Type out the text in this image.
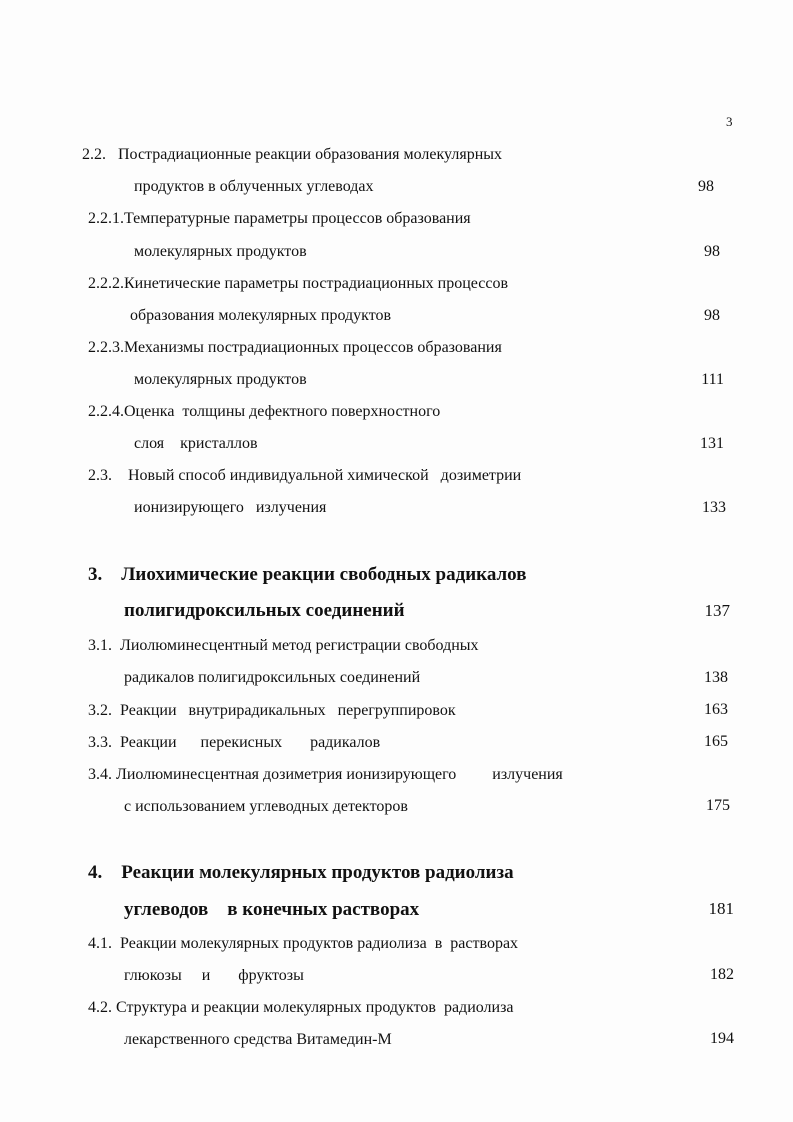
3
2.2.   Пострадиационные реакции образования молекулярных
продуктов в облученных углеводах	98
2.2.1.Температурные параметры процессов образования
молекулярных продуктов	98
2.2.2.Кинетические параметры пострадиационных процессов
образования молекулярных продуктов	98
2.2.3.Механизмы пострадиационных процессов образования
молекулярных продуктов	111
2.2.4.Оценка  толщины дефектного поверхностного
слоя    кристаллов	131
2.3.    Новый способ индивидуальной химической   дозиметрии
ионизирующего   излучения	133
3.    Лиохимические реакции свободных радикалов
полигидроксильных соединений	137
3.1.  Лиолюминесцентный метод регистрации свободных
радикалов полигидроксильных соединений	138
3.2.  Реакции   внутрирадикальных   перегруппировок	163
3.3.  Реакции      перекисных       радикалов	165
3.4. Лиолюминесцентная дозиметрия ионизирующего         излучения
с использованием углеводных детекторов	175
4.    Реакции молекулярных продуктов радиолиза
углеводов    в конечных растворах	181
4.1.  Реакции молекулярных продуктов радиолиза  в  растворах
глюкозы     и       фруктозы	182
4.2. Структура и реакции молекулярных продуктов  радиолиза
лекарственного средства Витамедин-М	194
